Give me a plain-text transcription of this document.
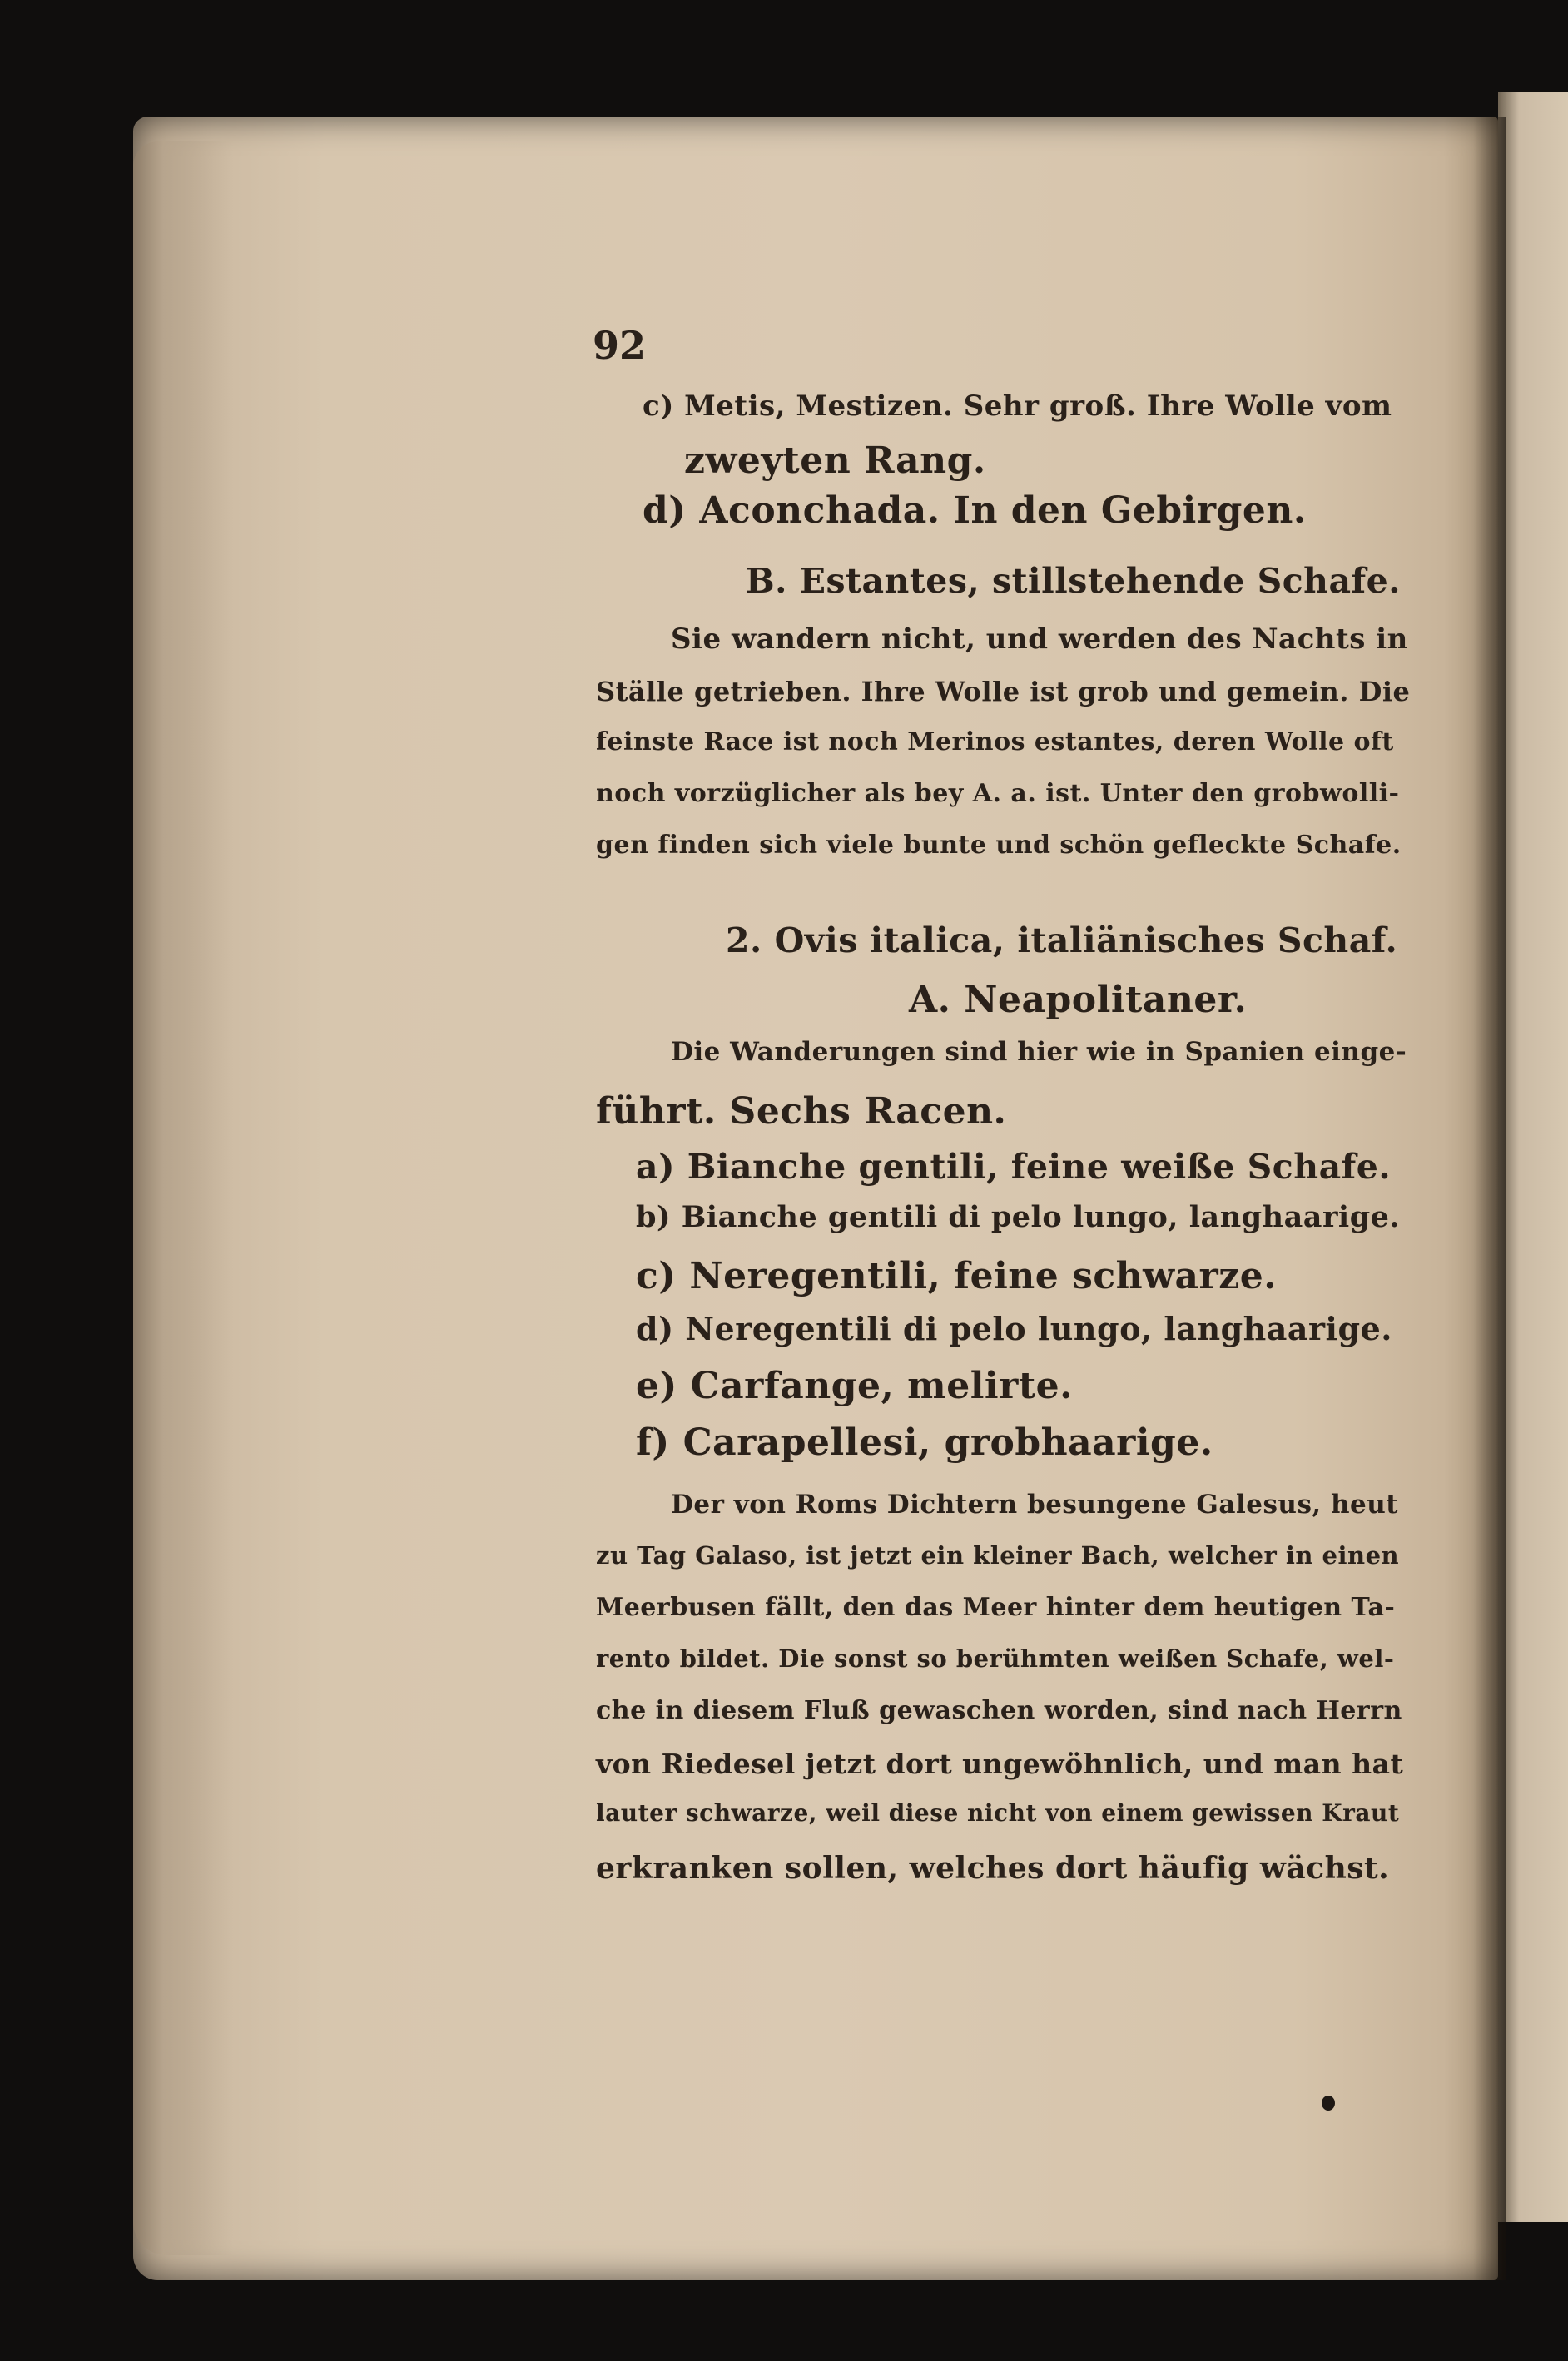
92
c) Metis, Mestizen. Sehr groß. Ihre Wolle vom
zweyten Rang.
d) Aconchada. In den Gebirgen.
B. Estantes, stillstehende Schafe.
Sie wandern nicht, und werden des Nachts in
Ställe getrieben. Ihre Wolle ist grob und gemein. Die
feinste Race ist noch Merinos estantes, deren Wolle oft
noch vorzüglicher als bey A. a. ist. Unter den grobwolli-
gen finden sich viele bunte und schön gefleckte Schafe.
2. Ovis italica, italiänisches Schaf.
A. Neapolitaner.
Die Wanderungen sind hier wie in Spanien einge-
führt. Sechs Racen.
a) Bianche gentili, feine weiße Schafe.
b) Bianche gentili di pelo lungo, langhaarige.
c) Neregentili, feine schwarze.
d) Neregentili di pelo lungo, langhaarige.
e) Carfange, melirte.
f) Carapellesi, grobhaarige.
Der von Roms Dichtern besungene Galesus, heut
zu Tag Galaso, ist jetzt ein kleiner Bach, welcher in einen
Meerbusen fällt, den das Meer hinter dem heutigen Ta-
rento bildet. Die sonst so berühmten weißen Schafe, wel-
che in diesem Fluß gewaschen worden, sind nach Herrn
von Riedesel jetzt dort ungewöhnlich, und man hat
lauter schwarze, weil diese nicht von einem gewissen Kraut
erkranken sollen, welches dort häufig wächst.
